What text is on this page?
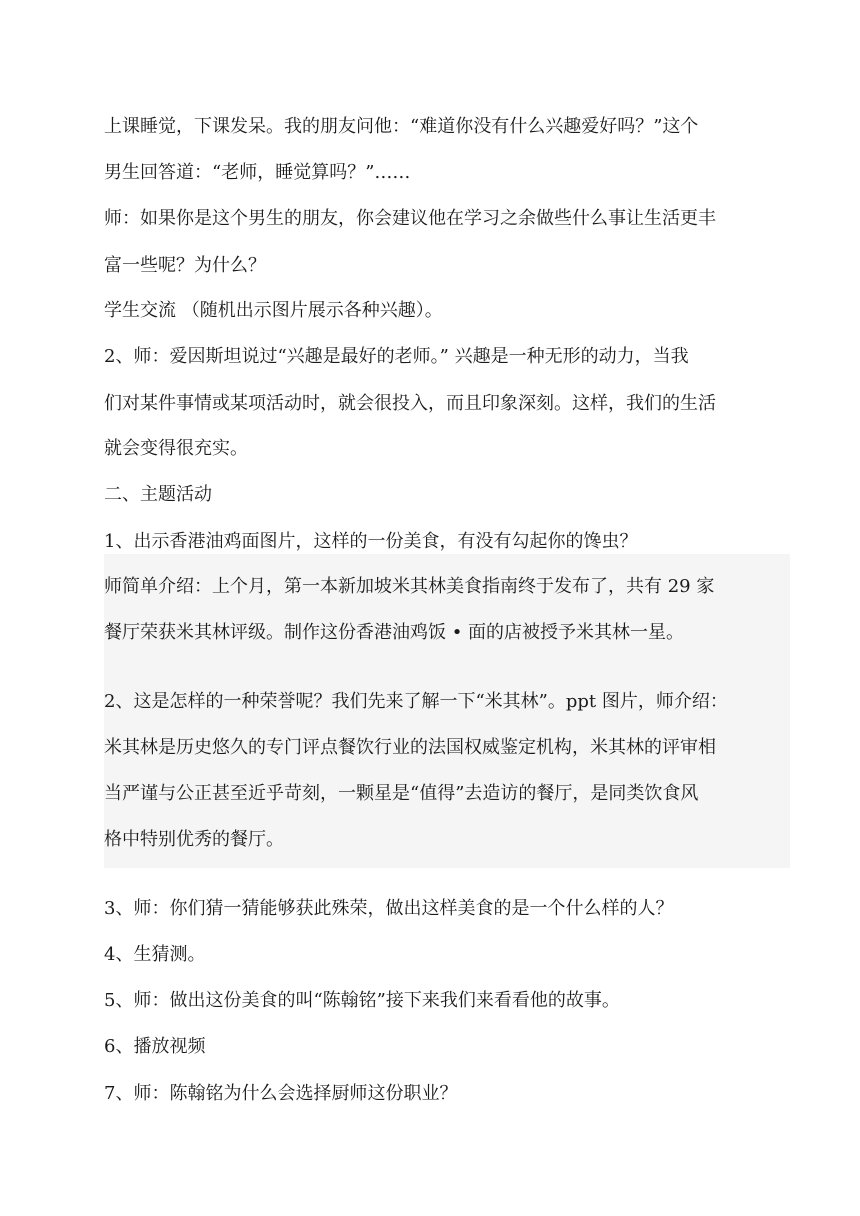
上课睡觉，下课发呆。我的朋友问他：“难道你没有什么兴趣爱好吗？”这个
男生回答道：“老师，睡觉算吗？”……
师：如果你是这个男生的朋友，你会建议他在学习之余做些什么事让生活更丰
富一些呢？为什么？
学生交流 （随机出示图片展示各种兴趣）。
2、师：爱因斯坦说过“兴趣是最好的老师。” 兴趣是一种无形的动力，当我
们对某件事情或某项活动时，就会很投入，而且印象深刻。这样，我们的生活
就会变得很充实。
二、主题活动
1、出示香港油鸡面图片，这样的一份美食，有没有勾起你的馋虫？
师简单介绍：上个月，第一本新加坡米其林美食指南终于发布了，共有 29 家
餐厅荣获米其林评级。制作这份香港油鸡饭 • 面的店被授予米其林一星。
2、这是怎样的一种荣誉呢？我们先来了解一下“米其林”。ppt 图片，师介绍：
米其林是历史悠久的专门评点餐饮行业的法国权威鉴定机构，米其林的评审相
当严谨与公正甚至近乎苛刻，一颗星是“值得”去造访的餐厅，是同类饮食风
格中特别优秀的餐厅。
3、师：你们猜一猜能够获此殊荣，做出这样美食的是一个什么样的人？
4、生猜测。
5、师：做出这份美食的叫“陈翰铭”接下来我们来看看他的故事。
6、播放视频
7、师：陈翰铭为什么会选择厨师这份职业？
